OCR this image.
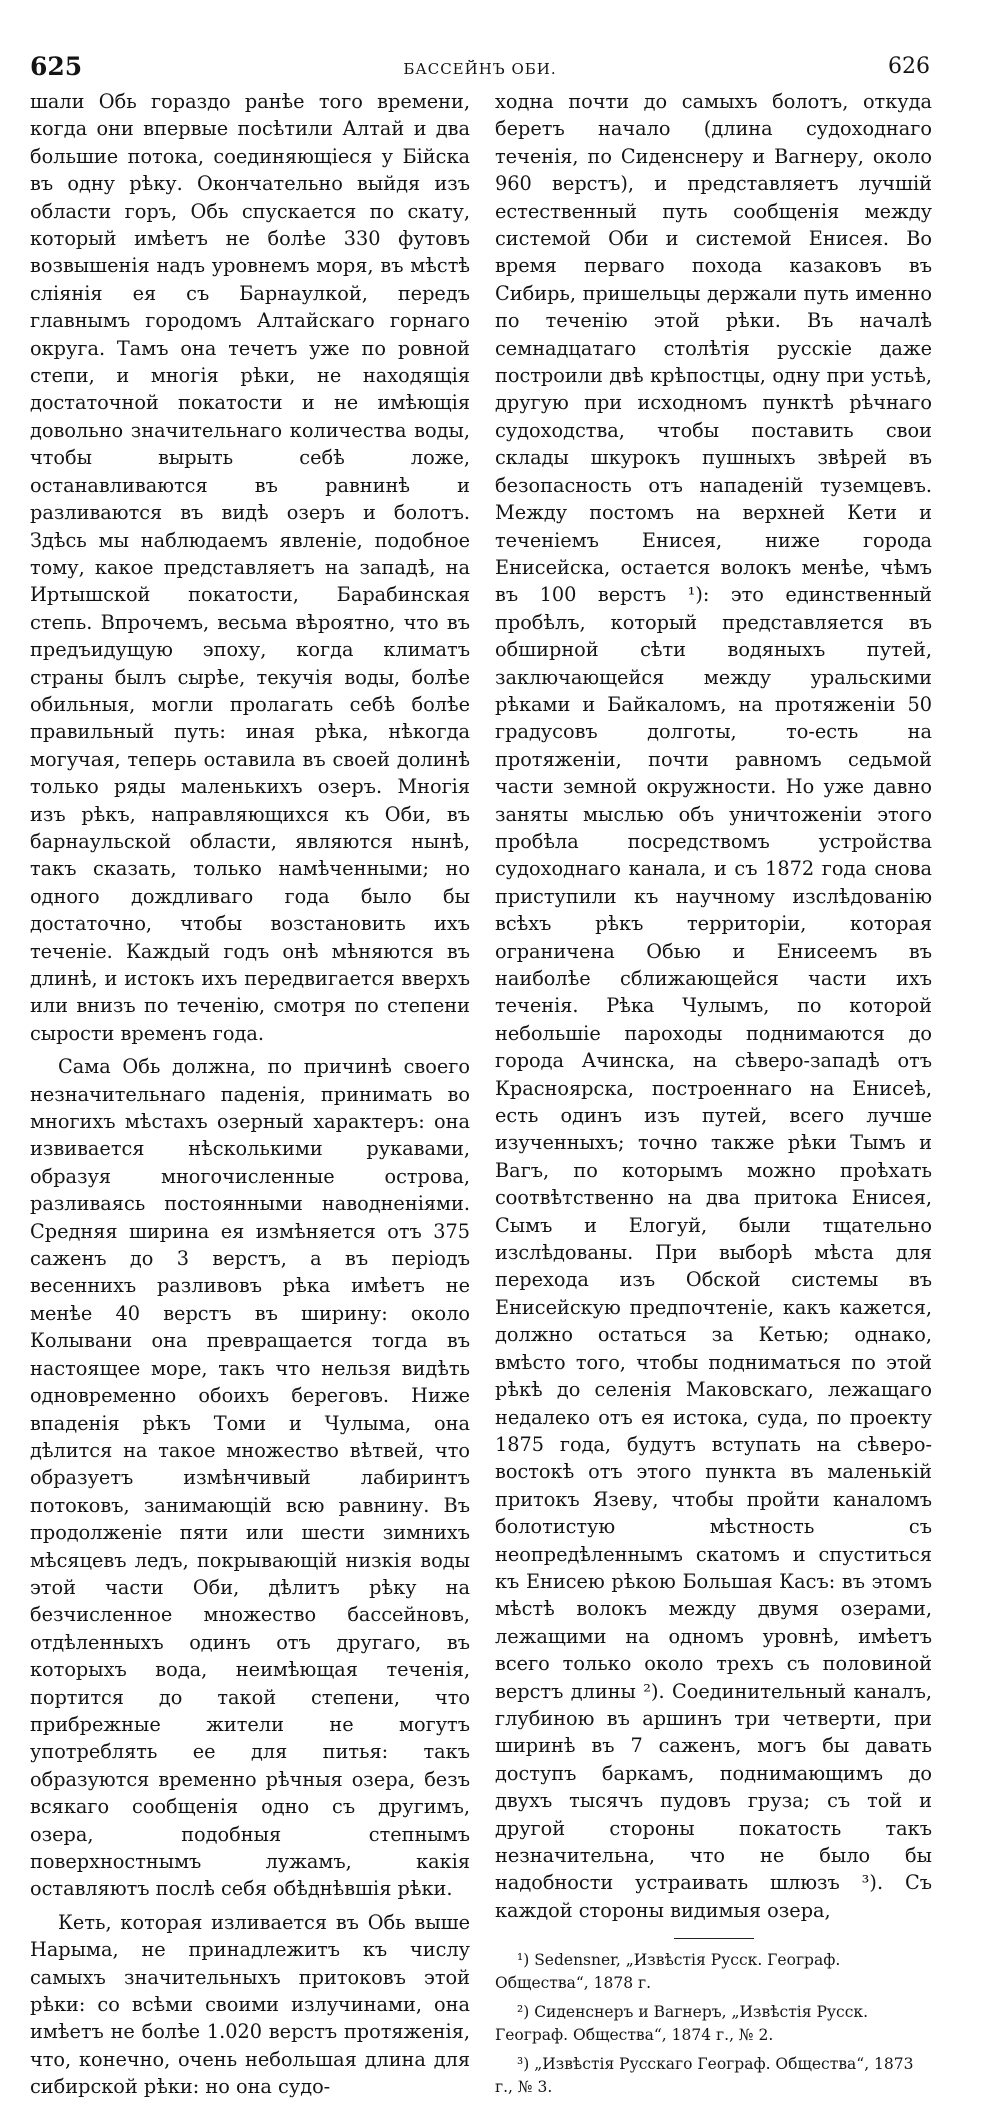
625	БАССЕЙНЪ ОБИ.	626

шали Обь гораздо ранѣе того времени, когда они впервые посѣтили Алтай и два большие потока, соединяющiеся у Бiйска въ одну рѣку. Окончательно выйдя изъ области горъ, Обь спускается по скату, который имѣетъ не болѣе 330 футовъ возвышенiя надъ уровнемъ моря, въ мѣстѣ слiянiя ея съ Барнаулкой, передъ главнымъ городомъ Алтайскаго горнаго округа. Тамъ она течетъ уже по ровной степи, и многiя рѣки, не находящiя достаточной покатости и не имѣющiя довольно значительнаго количества воды, чтобы вырыть себѣ ложе, останавливаются въ равнинѣ и разливаются въ видѣ озеръ и болотъ. Здѣсь мы наблюдаемъ явленiе, подобное тому, какое представляетъ на западѣ, на Иртышской покатости, Барабинская степь. Впрочемъ, весьма вѣроятно, что въ предъидущую эпоху, когда климатъ страны былъ сырѣе, текучiя воды, болѣе обильныя, могли пролагать себѣ болѣе правильный путь: иная рѣка, нѣкогда могучая, теперь оставила въ своей долинѣ только ряды маленькихъ озеръ. Многiя изъ рѣкъ, направляющихся къ Оби, въ барнаульской области, являются нынѣ, такъ сказать, только намѣченными; но одного дождливаго года было бы достаточно, чтобы возстановить ихъ теченiе. Каждый годъ онѣ мѣняются въ длинѣ, и истокъ ихъ передвигается вверхъ или внизъ по теченiю, смотря по степени сырости временъ года.

Сама Обь должна, по причинѣ своего незначительнаго паденiя, принимать во многихъ мѣстахъ озерный характеръ: она извивается нѣсколькими рукавами, образуя многочисленные острова, разливаясь постоянными наводненiями. Средняя ширина ея измѣняется отъ 375 саженъ до 3 верстъ, а въ перiодъ весеннихъ разливовъ рѣка имѣетъ не менѣе 40 верстъ въ ширину: около Колывани она превращается тогда въ настоящее море, такъ что нельзя видѣть одновременно обоихъ береговъ. Ниже впаденiя рѣкъ Томи и Чулыма, она дѣлится на такое множество вѣтвей, что образуетъ измѣнчивый лабиринтъ потоковъ, занимающiй всю равнину. Въ продолженiе пяти или шести зимнихъ мѣсяцевъ ледъ, покрывающiй низкiя воды этой части Оби, дѣлитъ рѣку на безчисленное множество бассейновъ, отдѣленныхъ одинъ отъ другаго, въ которыхъ вода, неимѣющая теченiя, портится до такой степени, что прибрежные жители не могутъ употреблять ее для питья: такъ образуются временно рѣчныя озера, безъ всякаго сообщенiя одно съ другимъ, озера, подобныя степнымъ поверхностнымъ лужамъ, какiя оставляютъ послѣ себя обѣднѣвшiя рѣки.

Кеть, которая изливается въ Обь выше Нарыма, не принадлежитъ къ числу самыхъ значительныхъ притоковъ этой рѣки: со всѣми своими излучинами, она имѣетъ не болѣе 1.020 верстъ протяженiя, что, конечно, очень небольшая длина для сибирской рѣки: но она судо-

ходна почти до самыхъ болотъ, откуда беретъ начало (длина судоходнаго теченiя, по Сиденснеру и Вагнеру, около 960 верстъ), и представляетъ лучшiй естественный путь сообщенiя между системой Оби и системой Енисея. Во время перваго похода казаковъ въ Сибирь, пришельцы держали путь именно по теченiю этой рѣки. Въ началѣ семнадцатаго столѣтiя русскiе даже построили двѣ крѣпостцы, одну при устьѣ, другую при исходномъ пунктѣ рѣчнаго судоходства, чтобы поставить свои склады шкурокъ пушныхъ звѣрей въ безопасность отъ нападенiй туземцевъ. Между постомъ на верхней Кети и теченiемъ Енисея, ниже города Енисейска, остается волокъ менѣе, чѣмъ въ 100 верстъ ¹): это единственный пробѣлъ, который представляется въ обширной сѣти водяныхъ путей, заключающейся между уральскими рѣками и Байкаломъ, на протяженiи 50 градусовъ долготы, то-есть на протяженiи, почти равномъ седьмой части земной окружности. Но уже давно заняты мыслью объ уничтоженiи этого пробѣла посредствомъ устройства судоходнаго канала, и съ 1872 года снова приступили къ научному изслѣдованiю всѣхъ рѣкъ территорiи, которая ограничена Обью и Енисеемъ въ наиболѣе сближающейся части ихъ теченiя. Рѣка Чулымъ, по которой небольшiе пароходы поднимаются до города Ачинска, на сѣверо-западѣ отъ Красноярска, построеннаго на Енисеѣ, есть одинъ изъ путей, всего лучше изученныхъ; точно также рѣки Тымъ и Вагъ, по которымъ можно проѣхать соотвѣтственно на два притока Енисея, Сымъ и Елогуй, были тщательно изслѣдованы. При выборѣ мѣста для перехода изъ Обской системы въ Енисейскую предпочтенiе, какъ кажется, должно остаться за Кетью; однако, вмѣсто того, чтобы подниматься по этой рѣкѣ до селенiя Маковскаго, лежащаго недалеко отъ ея истока, суда, по проекту 1875 года, будутъ вступать на сѣверо-востокѣ отъ этого пункта въ маленькiй притокъ Язеву, чтобы пройти каналомъ болотистую мѣстность съ неопредѣленнымъ скатомъ и спуститься къ Енисею рѣкою Большая Касъ: въ этомъ мѣстѣ волокъ между двумя озерами, лежащими на одномъ уровнѣ, имѣетъ всего только около трехъ съ половиной верстъ длины ²). Соединительный каналъ, глубиною въ аршинъ три четверти, при ширинѣ въ 7 саженъ, могъ бы давать доступъ баркамъ, поднимающимъ до двухъ тысячъ пудовъ груза; съ той и другой стороны покатость такъ незначительна, что не было бы надобности устраивать шлюзъ ³). Съ каждой стороны видимыя озера,

¹) Sedensner, „Извѣстiя Русск. Географ. Общества“, 1878 г.

²) Сиденснеръ и Вагнеръ, „Извѣстiя Русск. Географ. Общества“, 1874 г., № 2.

³) „Извѣстiя Русскаго Географ. Общества“, 1873 г., № 3.
